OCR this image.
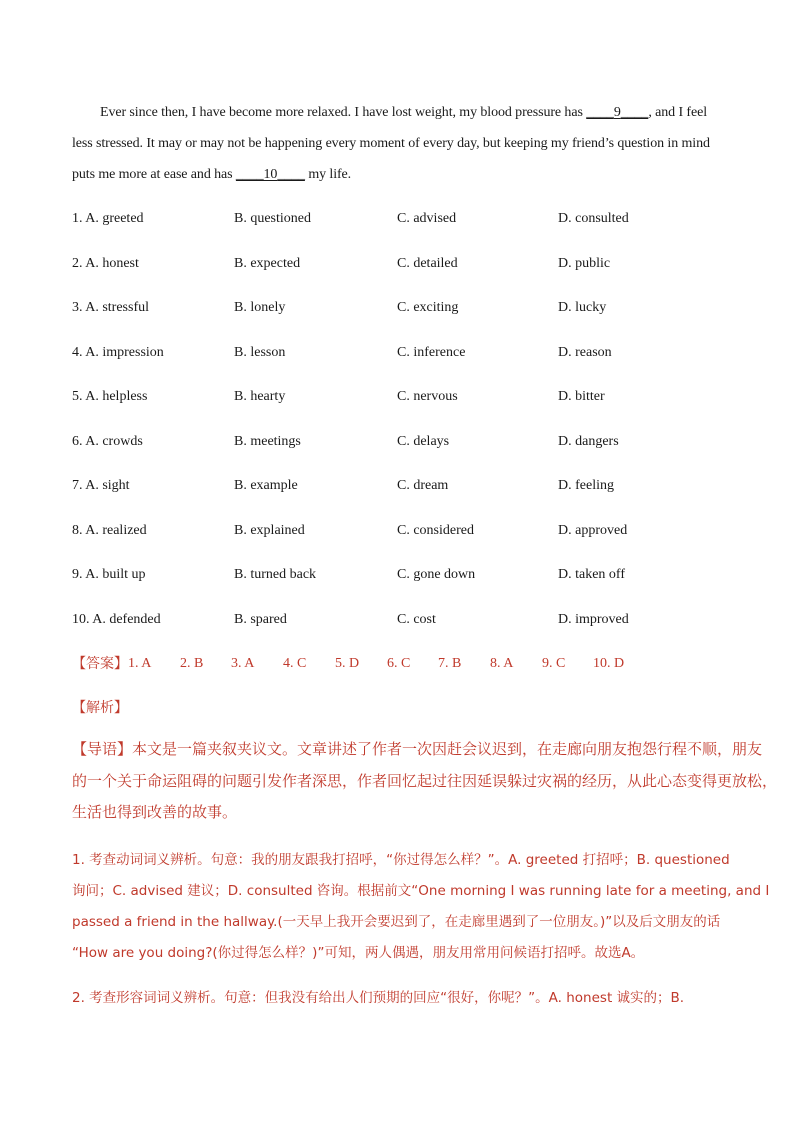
Ever since then, I have become more relaxed. I have lost weight, my blood pressure has ____9____, and I feel
less stressed. It may or may not be happening every moment of every day, but keeping my friend’s question in mind
puts me more at ease and has ____10____ my life.
1. A. greeted	B. questioned	C. advised	D. consulted
2. A. honest	B. expected	C. detailed	D. public
3. A. stressful	B. lonely	C. exciting	D. lucky
4. A. impression	B. lesson	C. inference	D. reason
5. A. helpless	B. hearty	C. nervous	D. bitter
6. A. crowds	B. meetings	C. delays	D. dangers
7. A. sight	B. example	C. dream	D. feeling
8. A. realized	B. explained	C. considered	D. approved
9. A. built up	B. turned back	C. gone down	D. taken off
10. A. defended	B. spared	C. cost	D. improved
【答案】 1. A 2. B 3. A 4. C 5. D 6. C 7. B 8. A 9. C 10. D
【解析】
【导语】本文是一篇夹叙夹议文。文章讲述了作者一次因赶会议迟到，在走廊向朋友抱怨行程不顺，朋友
的一个关于命运阻碍的问题引发作者深思，作者回忆起过往因延误躲过灾祸的经历，从此心态变得更放松，
生活也得到改善的故事。
1. 考查动词词义辨析。句意：我的朋友跟我打招呼，“你过得怎么样？”。A. greeted 打招呼；B. questioned
询问；C. advised 建议；D. consulted 咨询。根据前文“One morning I was running late for a meeting, and I
passed a friend in the hallway.(一天早上我开会要迟到了，在走廊里遇到了一位朋友。)”以及后文朋友的话
“How are you doing?(你过得怎么样？)”可知，两人偶遇，朋友用常用问候语打招呼。故选A。
2. 考查形容词词义辨析。句意：但我没有给出人们预期的回应“很好，你呢？”。A. honest 诚实的；B.
